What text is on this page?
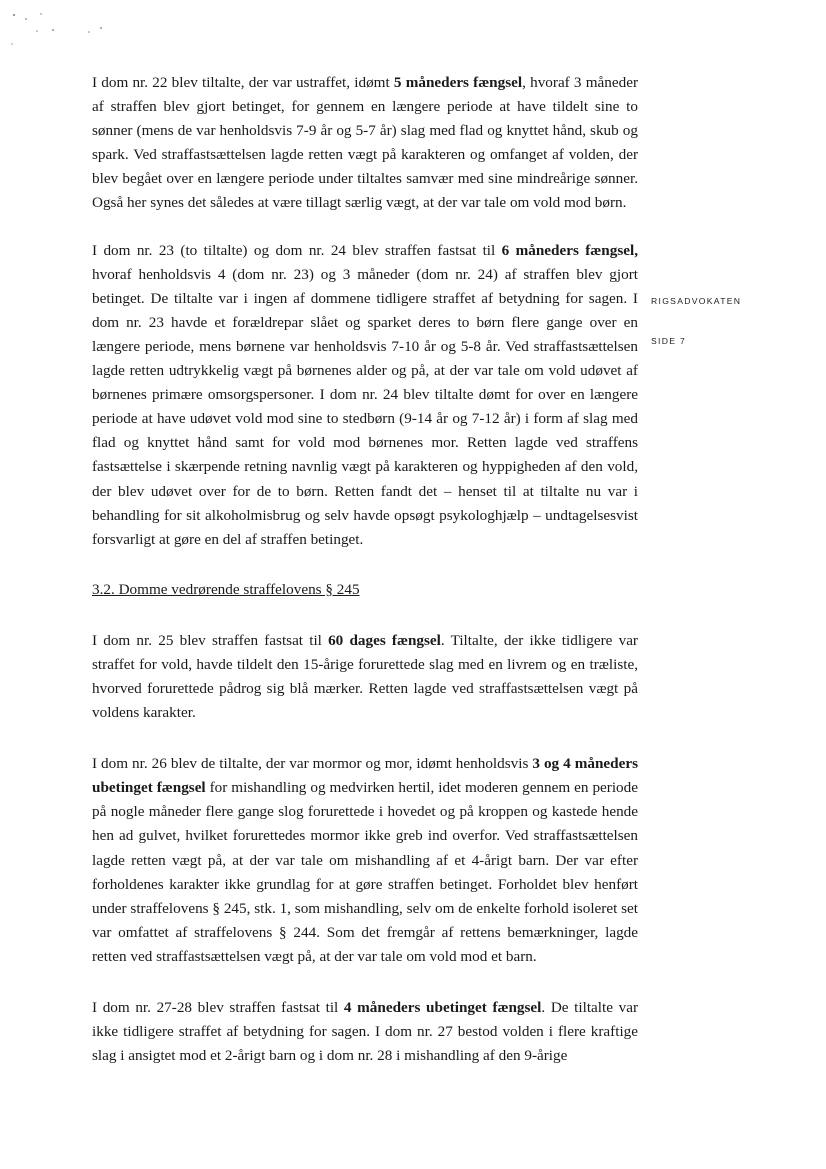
I dom nr. 22 blev tiltalte, der var ustraffet, idømt 5 måneders fængsel, hvoraf 3 måneder af straffen blev gjort betinget, for gennem en længere periode at have tildelt sine to sønner (mens de var henholdsvis 7-9 år og 5-7 år) slag med flad og knyttet hånd, skub og spark. Ved straffastsættelsen lagde retten vægt på karakteren og omfanget af volden, der blev begået over en længere periode under tiltaltes samvær med sine mindreårige sønner. Også her synes det således at være tillagt særlig vægt, at der var tale om vold mod børn.

I dom nr. 23 (to tiltalte) og dom nr. 24 blev straffen fastsat til 6 måneders fængsel, hvoraf henholdsvis 4 (dom nr. 23) og 3 måneder (dom nr. 24) af straffen blev gjort betinget. De tiltalte var i ingen af dommene tidligere straffet af betydning for sagen. I dom nr. 23 havde et forældrepar slået og sparket deres to børn flere gange over en længere periode, mens børnene var henholdsvis 7-10 år og 5-8 år. Ved straffastsættelsen lagde retten udtrykkelig vægt på børnenes alder og på, at der var tale om vold udøvet af børnenes primære omsorgspersoner. I dom nr. 24 blev tiltalte dømt for over en længere periode at have udøvet vold mod sine to stedbørn (9-14 år og 7-12 år) i form af slag med flad og knyttet hånd samt for vold mod børnenes mor. Retten lagde ved straffens fastsættelse i skærpende retning navnlig vægt på karakteren og hyppigheden af den vold, der blev udøvet over for de to børn. Retten fandt det – henset til at tiltalte nu var i behandling for sit alkoholmisbrug og selv havde opsøgt psykologhjælp – undtagelsesvist forsvarligt at gøre en del af straffen betinget.

3.2. Domme vedrørende straffelovens § 245

I dom nr. 25 blev straffen fastsat til 60 dages fængsel. Tiltalte, der ikke tidligere var straffet for vold, havde tildelt den 15-årige forurettede slag med en livrem og en træliste, hvorved forurettede pådrog sig blå mærker. Retten lagde ved straffastsættelsen vægt på voldens karakter.

I dom nr. 26 blev de tiltalte, der var mormor og mor, idømt henholdsvis 3 og 4 måneders ubetinget fængsel for mishandling og medvirken hertil, idet moderen gennem en periode på nogle måneder flere gange slog forurettede i hovedet og på kroppen og kastede hende hen ad gulvet, hvilket forurettedes mormor ikke greb ind overfor. Ved straffastsættelsen lagde retten vægt på, at der var tale om mishandling af et 4-årigt barn. Der var efter forholdenes karakter ikke grundlag for at gøre straffen betinget. Forholdet blev henført under straffelovens § 245, stk. 1, som mishandling, selv om de enkelte forhold isoleret set var omfattet af straffelovens § 244. Som det fremgår af rettens bemærkninger, lagde retten ved straffastsættelsen vægt på, at der var tale om vold mod et barn.

I dom nr. 27-28 blev straffen fastsat til 4 måneders ubetinget fængsel. De tiltalte var ikke tidligere straffet af betydning for sagen. I dom nr. 27 bestod volden i flere kraftige slag i ansigtet mod et 2-årigt barn og i dom nr. 28 i mishandling af den 9-årige

RIGSADVOKATEN
SIDE 7
